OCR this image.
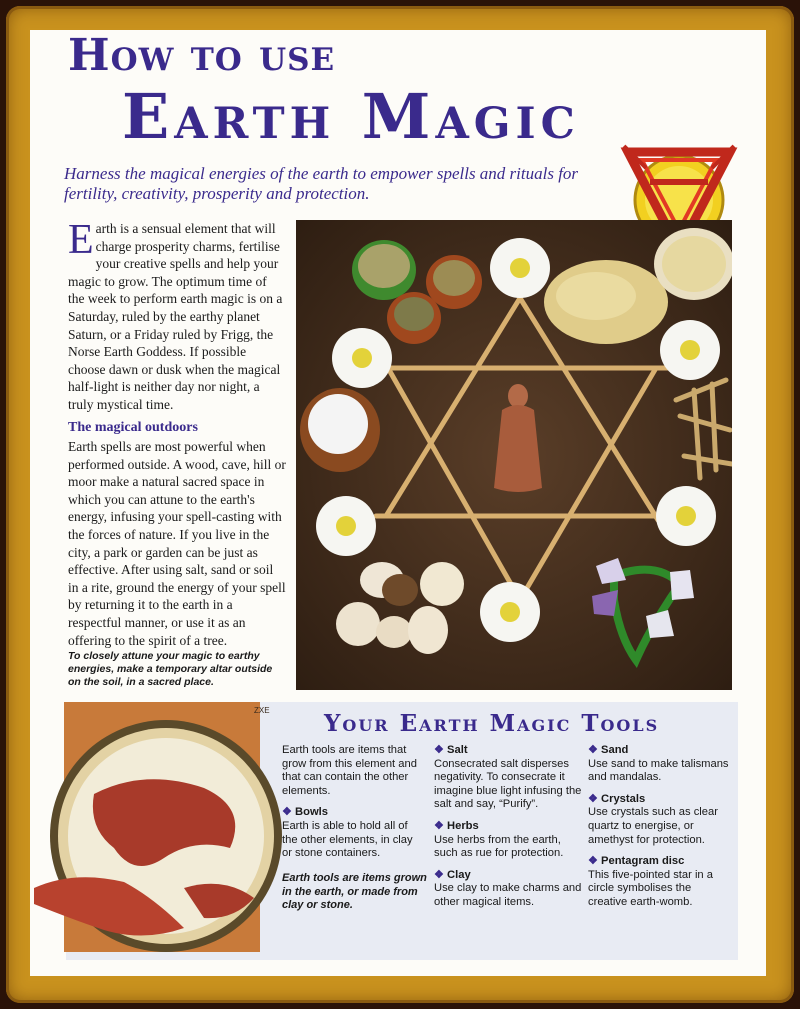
How to use
Earth Magic
Harness the magical energies of the earth to empower spells and rituals for fertility, creativity, prosperity and protection.
Earth is a sensual element that will charge prosperity charms, fertilise your creative spells and help your magic to grow. The optimum time of the week to perform earth magic is on a Saturday, ruled by the earthy planet Saturn, or a Friday ruled by Frigg, the Norse Earth Goddess. If possible choose dawn or dusk when the magical half-light is neither day nor night, a truly mystical time.
The magical outdoors
Earth spells are most powerful when performed outside. A wood, cave, hill or moor make a natural sacred space in which you can attune to the earth's energy, infusing your spell-casting with the forces of nature. If you live in the city, a park or garden can be just as effective. After using salt, sand or soil in a rite, ground the energy of your spell by returning it to the earth in a respectful manner, or use it as an offering to the spirit of a tree.
To closely attune your magic to earthy energies, make a temporary altar outside on the soil, in a sacred place.
ZXE Your Earth Magic Tools
Earth tools are items that grow from this element and that can contain the other elements.
❖ Bowls
Earth is able to hold all of the other elements, in clay or stone containers.
Earth tools are items grown in the earth, or made from clay or stone.
❖ Salt
Consecrated salt disperses negativity. To consecrate it imagine blue light infusing the salt and say, “Purify”.
❖ Herbs
Use herbs from the earth, such as rue for protection.
❖ Clay
Use clay to make charms and other magical items.
❖ Sand
Use sand to make talismans and mandalas.
❖ Crystals
Use crystals such as clear quartz to energise, or amethyst for protection.
❖ Pentagram disc
This five-pointed star in a circle symbolises the creative earth-womb.
